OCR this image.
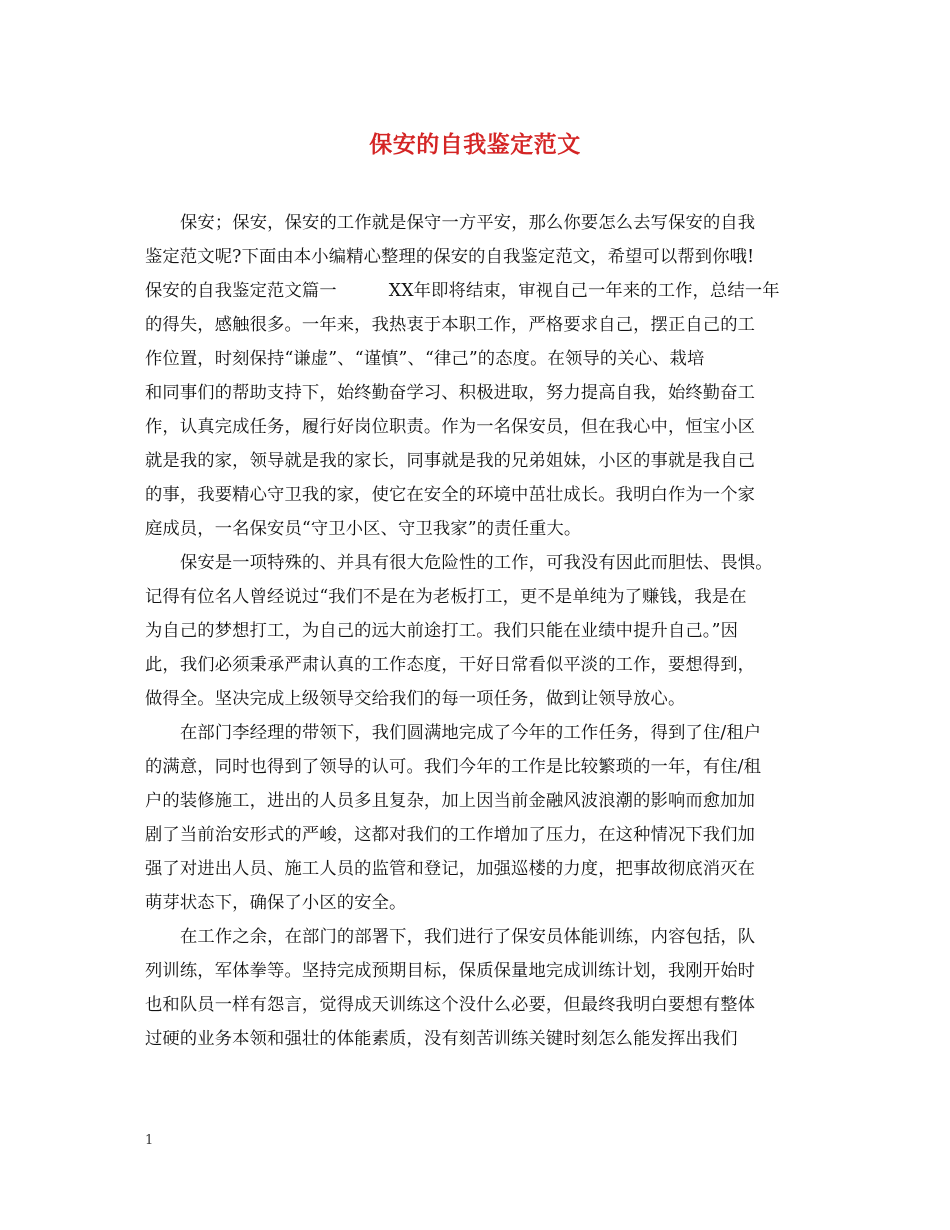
保安的自我鉴定范文
保安；保安，保安的工作就是保守一方平安，那么你要怎么去写保安的自我
鉴定范文呢?下面由本小编精心整理的保安的自我鉴定范文，希望可以帮到你哦!
保安的自我鉴定范文篇一	XX年即将结束，审视自己一年来的工作，总结一年
的得失，感触很多。一年来，我热衷于本职工作，严格要求自己，摆正自己的工
作位置，时刻保持“谦虚”、“谨慎”、“律己”的态度。在领导的关心、栽培
和同事们的帮助支持下，始终勤奋学习、积极进取，努力提高自我，始终勤奋工
作，认真完成任务，履行好岗位职责。作为一名保安员，但在我心中，恒宝小区
就是我的家，领导就是我的家长，同事就是我的兄弟姐妹，小区的事就是我自己
的事，我要精心守卫我的家，使它在安全的环境中茁壮成长。我明白作为一个家
庭成员，一名保安员“守卫小区、守卫我家”的责任重大。
保安是一项特殊的、并具有很大危险性的工作，可我没有因此而胆怯、畏惧。
记得有位名人曾经说过“我们不是在为老板打工，更不是单纯为了赚钱，我是在
为自己的梦想打工，为自己的远大前途打工。我们只能在业绩中提升自己。”因
此，我们必须秉承严肃认真的工作态度，干好日常看似平淡的工作，要想得到，
做得全。坚决完成上级领导交给我们的每一项任务，做到让领导放心。
在部门李经理的带领下，我们圆满地完成了今年的工作任务，得到了住/租户
的满意，同时也得到了领导的认可。我们今年的工作是比较繁琐的一年，有住/租
户的装修施工，进出的人员多且复杂，加上因当前金融风波浪潮的影响而愈加加
剧了当前治安形式的严峻，这都对我们的工作增加了压力，在这种情况下我们加
强了对进出人员、施工人员的监管和登记，加强巡楼的力度，把事故彻底消灭在
萌芽状态下，确保了小区的安全。
在工作之余，在部门的部署下，我们进行了保安员体能训练，内容包括，队
列训练，军体拳等。坚持完成预期目标，保质保量地完成训练计划，我刚开始时
也和队员一样有怨言，觉得成天训练这个没什么必要，但最终我明白要想有整体
过硬的业务本领和强壮的体能素质，没有刻苦训练关键时刻怎么能发挥出我们
1
